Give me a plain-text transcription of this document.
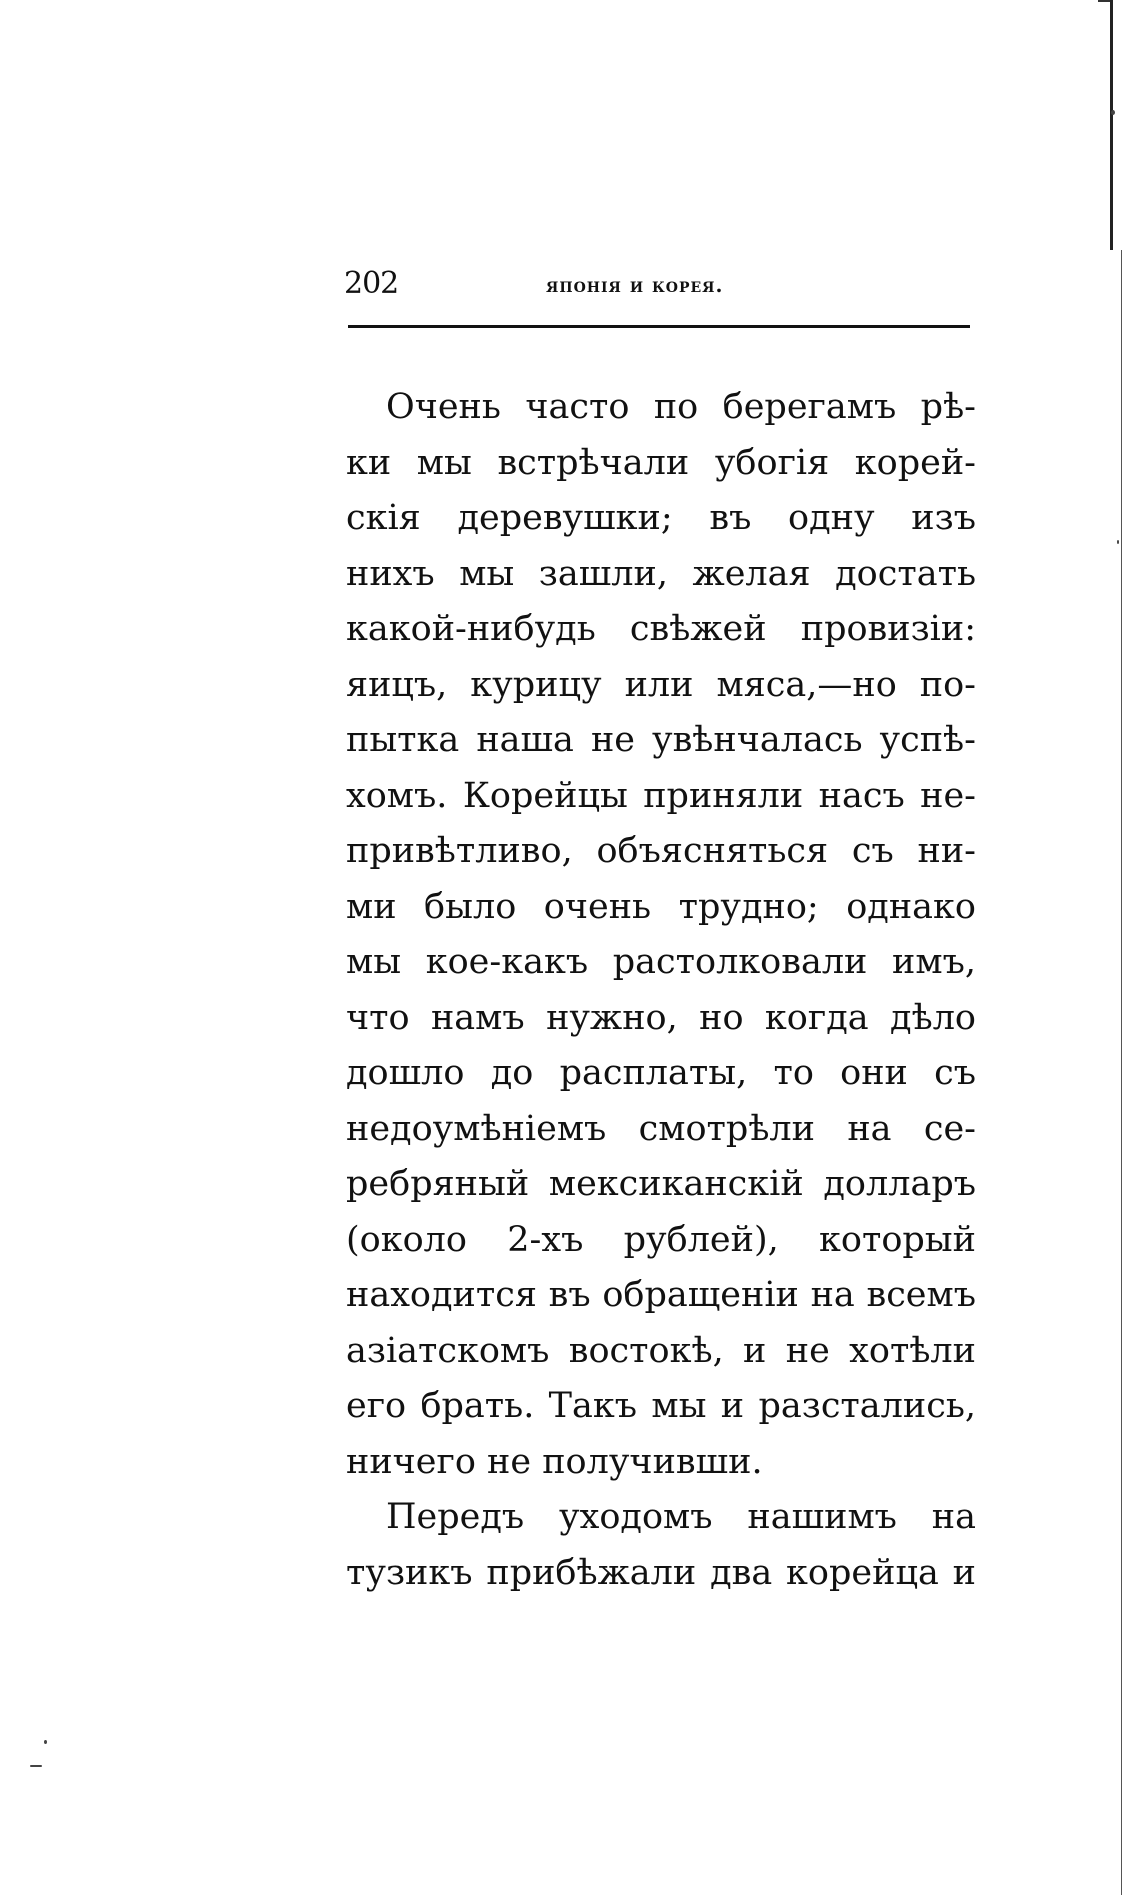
202	японія и корея.
Очень часто по берегамъ рѣ-
ки мы встрѣчали убогія корей-
скія деревушки; въ одну изъ
нихъ мы зашли, желая достать
какой-нибудь свѣжей провизіи:
яицъ, курицу или мяса,—но по-
пытка наша не увѣнчалась успѣ-
хомъ. Корейцы приняли насъ не-
привѣтливо, объясняться съ ни-
ми было очень трудно; однако
мы кое-какъ растолковали имъ,
что намъ нужно, но когда дѣло
дошло до расплаты, то они съ
недоумѣніемъ смотрѣли на се-
ребряный мексиканскій долларъ
(около 2-хъ рублей), который
находится въ обращеніи на всемъ
азіатскомъ востокѣ, и не хотѣли
его брать. Такъ мы и разстались,
ничего не получивши.
Передъ уходомъ нашимъ на
тузикъ прибѣжали два корейца и
